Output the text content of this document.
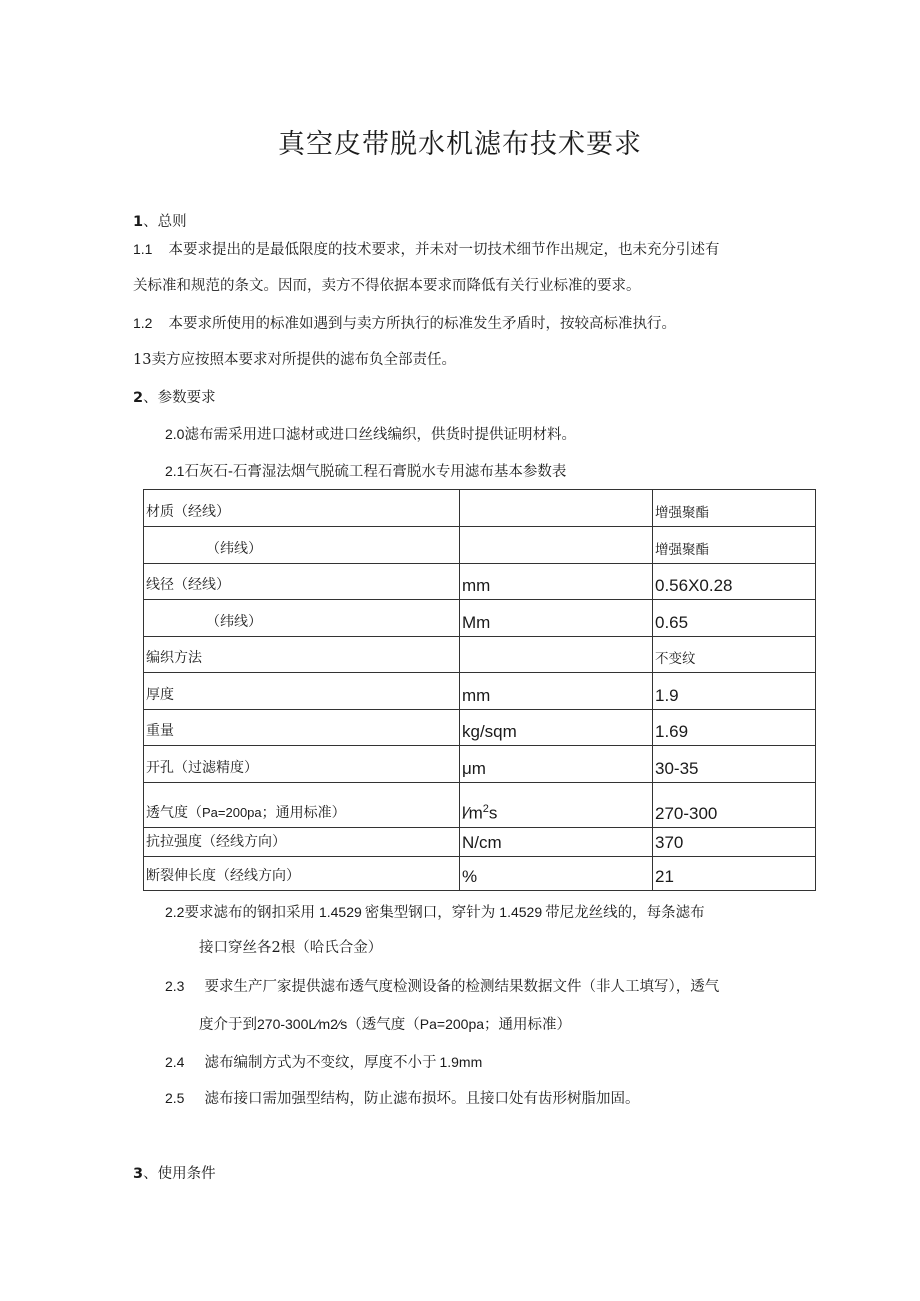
真空皮带脱水机滤布技术要求
1、总则
1.1 本要求提出的是最低限度的技术要求，并未对一切技术细节作出规定，也未充分引述有
关标准和规范的条文。因而，卖方不得依据本要求而降低有关行业标准的要求。
1.2 本要求所使用的标准如遇到与卖方所执行的标准发生矛盾时，按较高标准执行。
13卖方应按照本要求对所提供的滤布负全部责任。
2、参数要求
2.0滤布需采用进口滤材或进口丝线编织，供货时提供证明材料。
2.1石灰石-石膏湿法烟气脱硫工程石膏脱水专用滤布基本参数表
材质（经线）		增强聚酯
（纬线）		增强聚酯
线径（经线）	mm	0.56X0.28
（纬线）	Mm	0.65
编织方法		不变纹
厚度	mm	1.9
重量	kg/sqm	1.69
开孔（过滤精度）	μm	30-35
透气度（Pa=200pa；通用标准）	$l⁄m^2s$	270-300
抗拉强度（经线方向）	N/cm	370
断裂伸长度（经线方向）	%	21
2.2要求滤布的钢扣采用 1.4529 密集型钢口，穿针为 1.4529 带尼龙丝线的，每条滤布
接口穿丝各2根（哈氏合金）
2.3 要求生产厂家提供滤布透气度检测设备的检测结果数据文件（非人工填写），透气
度介于到270-300L⁄m2⁄s（透气度（Pa=200pa；通用标准）
2.4 滤布编制方式为不变纹，厚度不小于 1.9mm
2.5 滤布接口需加强型结构，防止滤布损坏。且接口处有齿形树脂加固。
3、使用条件
